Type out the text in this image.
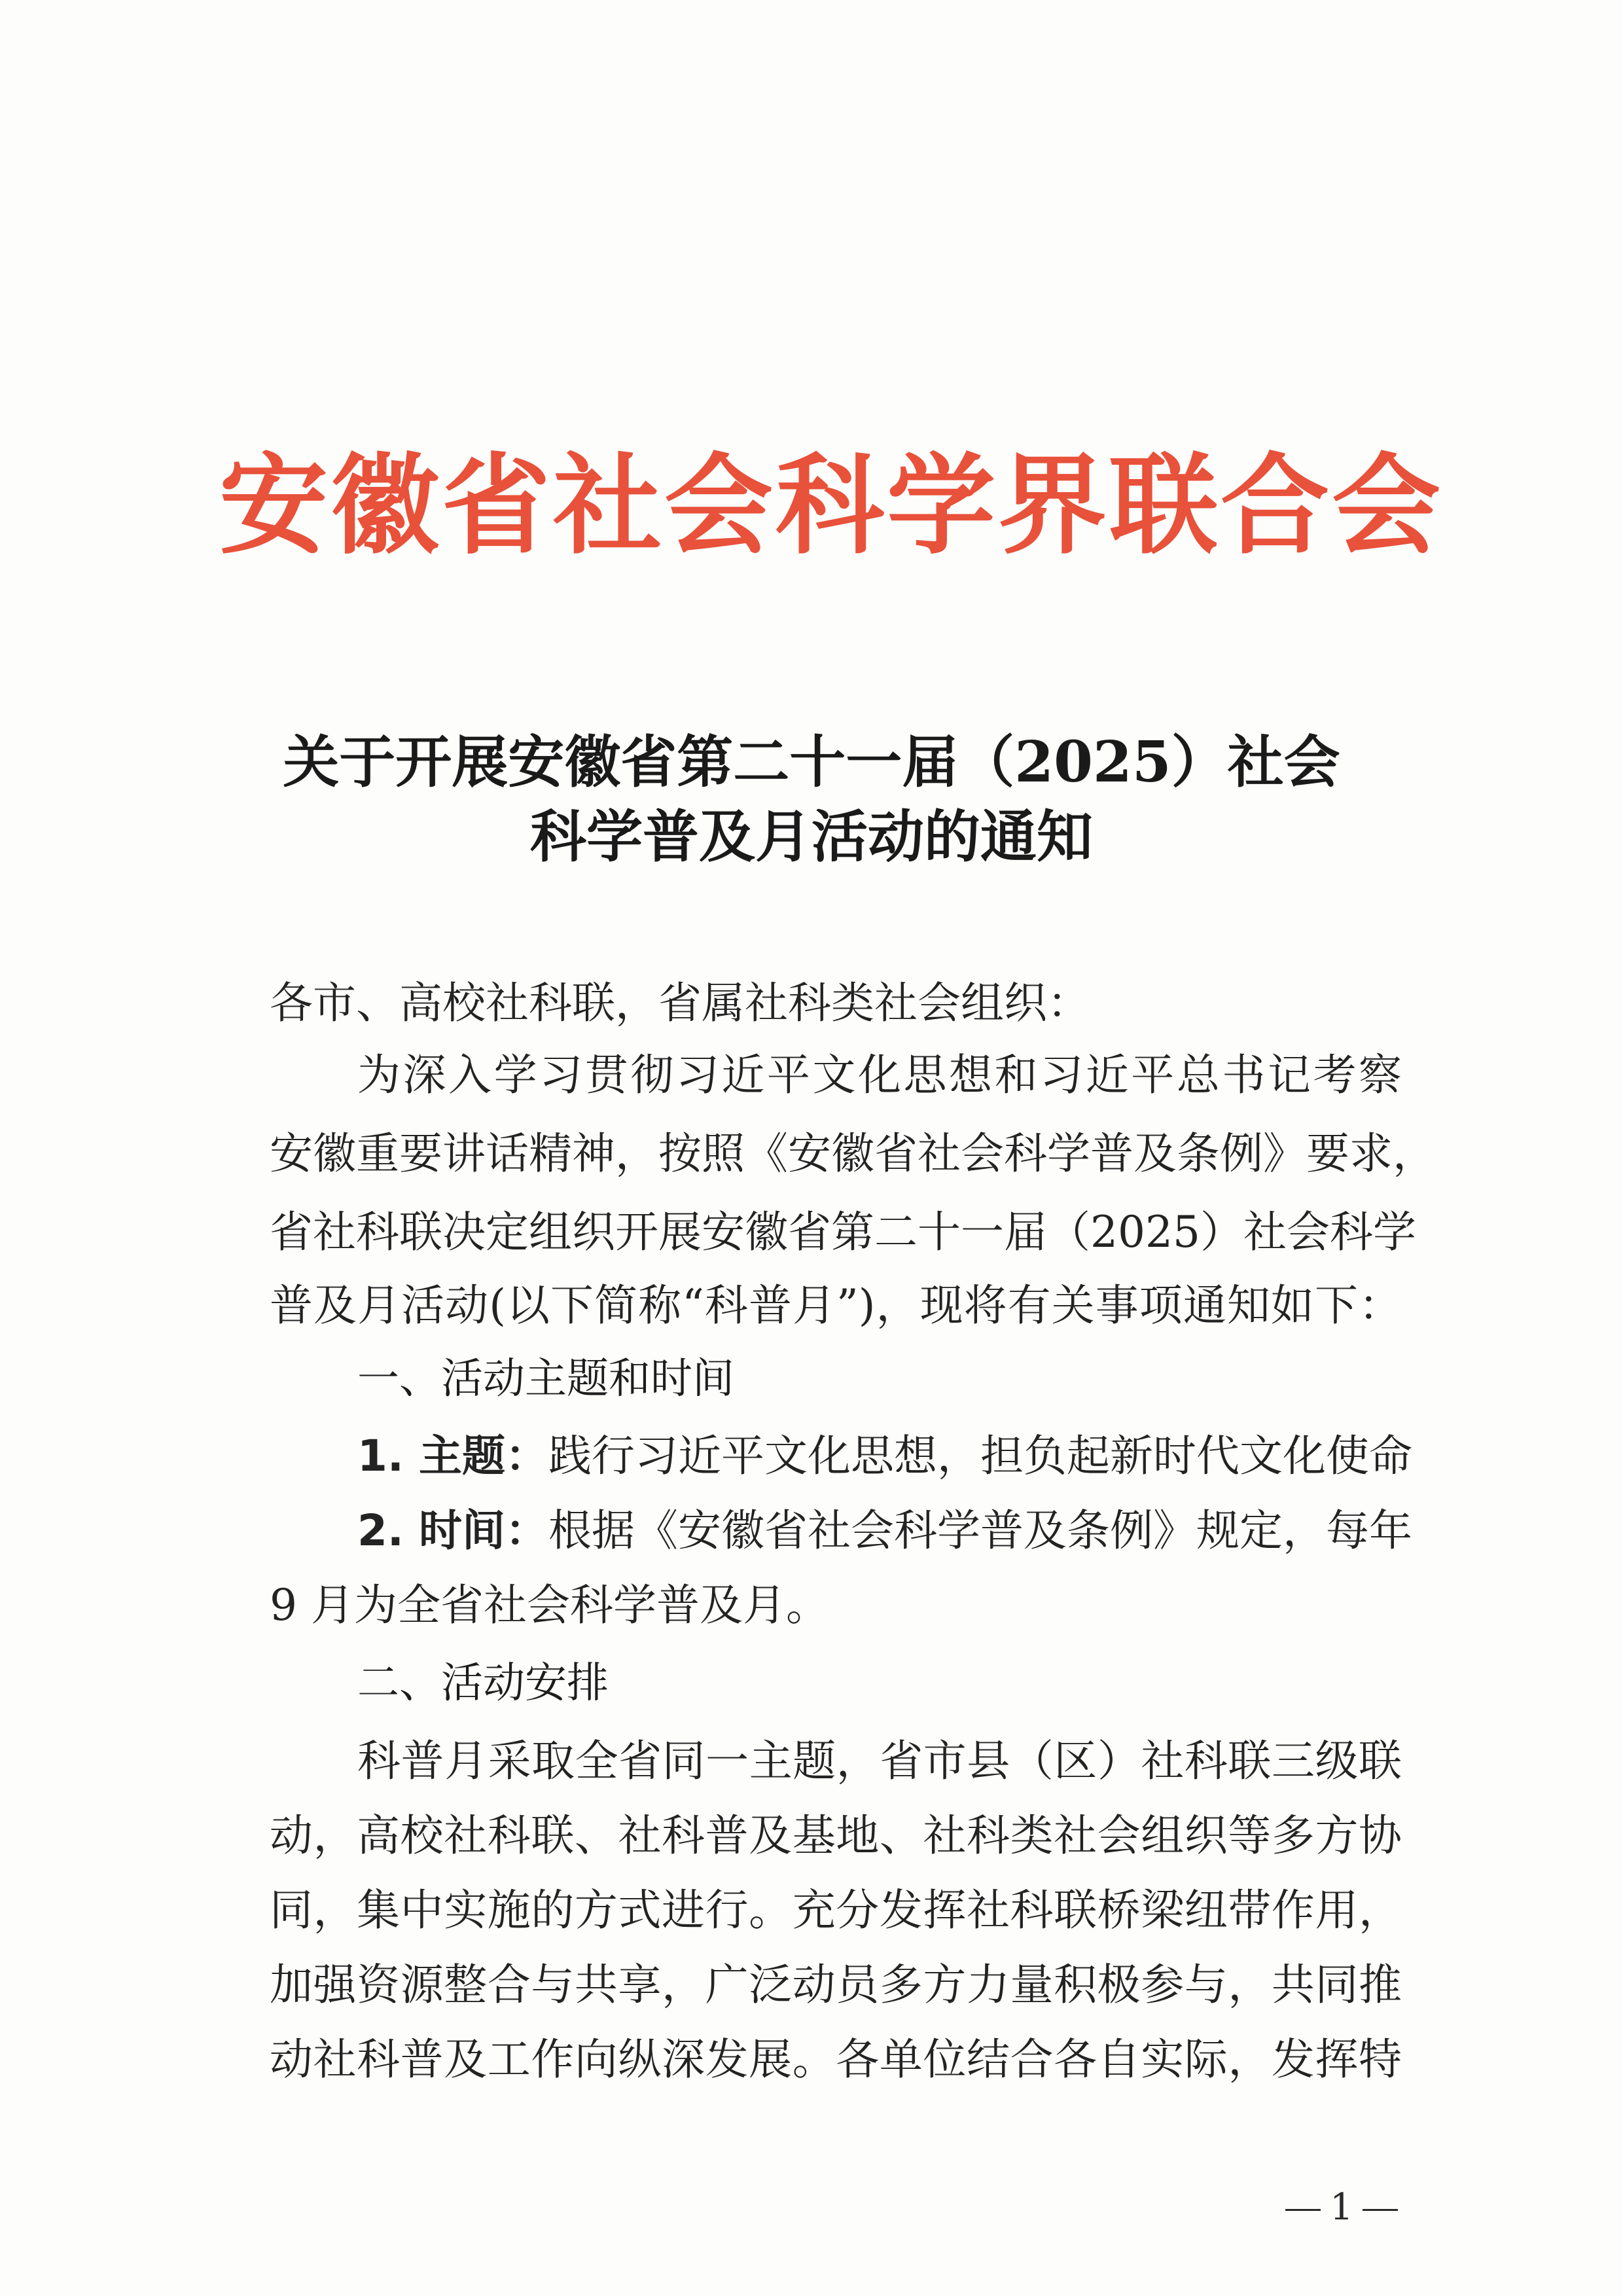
安徽省社会科学界联合会
关于开展安徽省第二十一届（2025）社会
科学普及月活动的通知
各市、高校社科联，省属社科类社会组织：
为深入学习贯彻习近平文化思想和习近平总书记考察
安徽重要讲话精神，按照《安徽省社会科学普及条例》要求，
省社科联决定组织开展安徽省第二十一届（2025）社会科学
普及月活动(以下简称“科普月”)，现将有关事项通知如下：
一、活动主题和时间
1. 主题：践行习近平文化思想，担负起新时代文化使命
2. 时间：根据《安徽省社会科学普及条例》规定，每年
9 月为全省社会科学普及月。
二、活动安排
科普月采取全省同一主题，省市县（区）社科联三级联
动，高校社科联、社科普及基地、社科类社会组织等多方协
同，集中实施的方式进行。充分发挥社科联桥梁纽带作用，
加强资源整合与共享，广泛动员多方力量积极参与，共同推
动社科普及工作向纵深发展。各单位结合各自实际，发挥特
1
